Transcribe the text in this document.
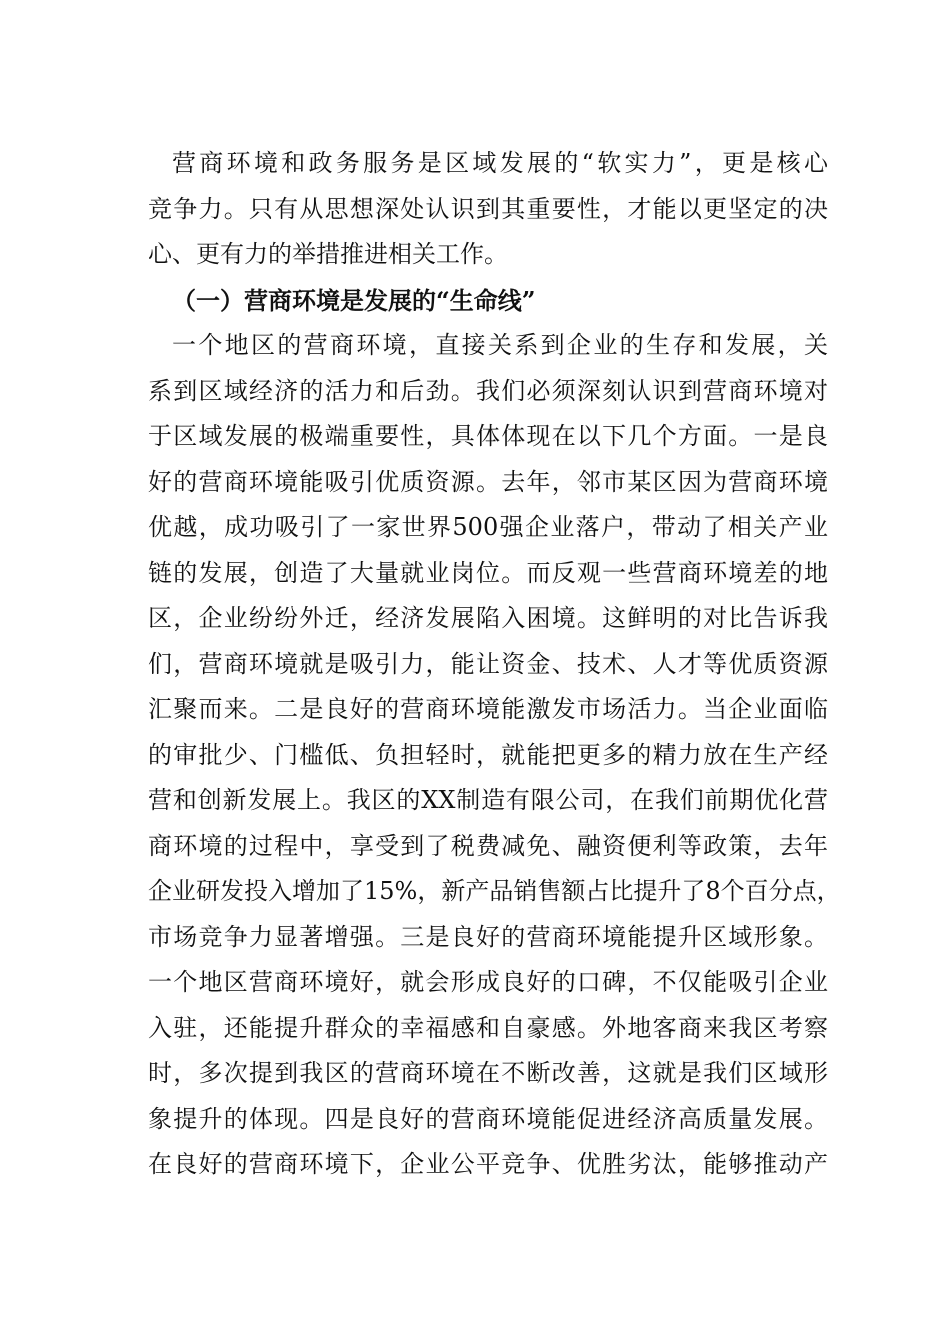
营商环境和政务服务是区域发展的“软实力”，更是核心
竞争力。只有从思想深处认识到其重要性，才能以更坚定的决
心、更有力的举措推进相关工作。
（一）营商环境是发展的“生命线”
一个地区的营商环境，直接关系到企业的生存和发展，关
系到区域经济的活力和后劲。我们必须深刻认识到营商环境对
于区域发展的极端重要性，具体体现在以下几个方面。一是良
好的营商环境能吸引优质资源。去年，邻市某区因为营商环境
优越，成功吸引了一家世界500强企业落户，带动了相关产业
链的发展，创造了大量就业岗位。而反观一些营商环境差的地
区，企业纷纷外迁，经济发展陷入困境。这鲜明的对比告诉我
们，营商环境就是吸引力，能让资金、技术、人才等优质资源
汇聚而来。二是良好的营商环境能激发市场活力。当企业面临
的审批少、门槛低、负担轻时，就能把更多的精力放在生产经
营和创新发展上。我区的XX制造有限公司，在我们前期优化营
商环境的过程中，享受到了税费减免、融资便利等政策，去年
企业研发投入增加了15%，新产品销售额占比提升了8个百分点，
市场竞争力显著增强。三是良好的营商环境能提升区域形象。
一个地区营商环境好，就会形成良好的口碑，不仅能吸引企业
入驻，还能提升群众的幸福感和自豪感。外地客商来我区考察
时，多次提到我区的营商环境在不断改善，这就是我们区域形
象提升的体现。四是良好的营商环境能促进经济高质量发展。
在良好的营商环境下，企业公平竞争、优胜劣汰，能够推动产
